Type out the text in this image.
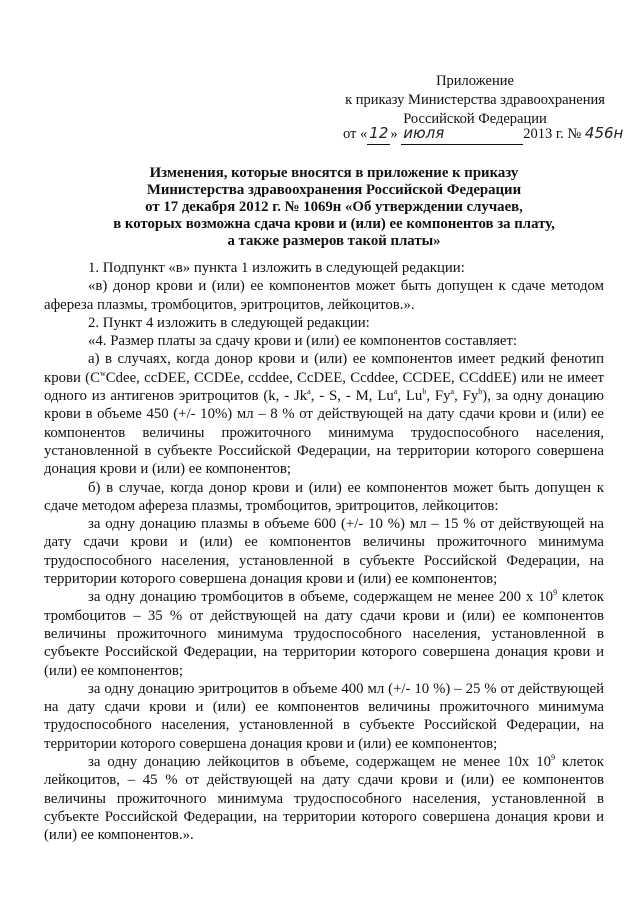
Приложение
к приказу Министерства здравоохранения
Российской Федерации
от « 12 » июля	2013 г. № 456н
Изменения, которые вносятся в приложение к приказу
Министерства здравоохранения Российской Федерации
от 17 декабря 2012 г. № 1069н «Об утверждении случаев,
в которых возможна сдача крови и (или) ее компонентов за плату,
а также размеров такой платы»

1. Подпункт «в» пункта 1 изложить в следующей редакции:

«в) донор крови и (или) ее компонентов может быть допущен к сдаче методом афереза плазмы, тромбоцитов, эритроцитов, лейкоцитов.».

2. Пункт 4 изложить в следующей редакции:

«4. Размер платы за сдачу крови и (или) ее компонентов составляет:

а) в случаях, когда донор крови и (или) ее компонентов имеет редкий фенотип крови ($C^wCdee$, ccDEE, CCDEe, ccddee, CcDEE, Ccddee, CCDEE, CCddEE) или не имеет одного из антигенов эритроцитов (k, - Jk$^a$, - S, - M, Lu$^a$, Lu$^b$, Fy$^a$, Fy$^b$), за одну донацию крови в объеме 450 (+/- 10%) мл – 8 % от действующей на дату сдачи крови и (или) ее компонентов величины прожиточного минимума трудоспособного населения, установленной в субъекте Российской Федерации, на территории которого совершена донация крови и (или) ее компонентов;

б) в случае, когда донор крови и (или) ее компонентов может быть допущен к сдаче методом афереза плазмы, тромбоцитов, эритроцитов, лейкоцитов:

за одну донацию плазмы в объеме 600 (+/- 10 %) мл – 15 % от действующей на дату сдачи крови и (или) ее компонентов величины прожиточного минимума трудоспособного населения, установленной в субъекте Российской Федерации, на территории которого совершена донация крови и (или) ее компонентов;

за одну донацию тромбоцитов в объеме, содержащем не менее 200 х $10^9$ клеток тромбоцитов – 35 % от действующей на дату сдачи крови и (или) ее компонентов величины прожиточного минимума трудоспособного населения, установленной в субъекте Российской Федерации, на территории которого совершена донация крови и (или) ее компонентов;

за одну донацию эритроцитов в объеме 400 мл (+/- 10 %) – 25 % от действующей на дату сдачи крови и (или) ее компонентов величины прожиточного минимума трудоспособного населения, установленной в субъекте Российской Федерации, на территории которого совершена донация крови и (или) ее компонентов;

за одну донацию лейкоцитов в объеме, содержащем не менее 10х $10^9$ клеток лейкоцитов, – 45 % от действующей на дату сдачи крови и (или) ее компонентов величины прожиточного минимума трудоспособного населения, установленной в субъекте Российской Федерации, на территории которого совершена донация крови и (или) ее компонентов.».
